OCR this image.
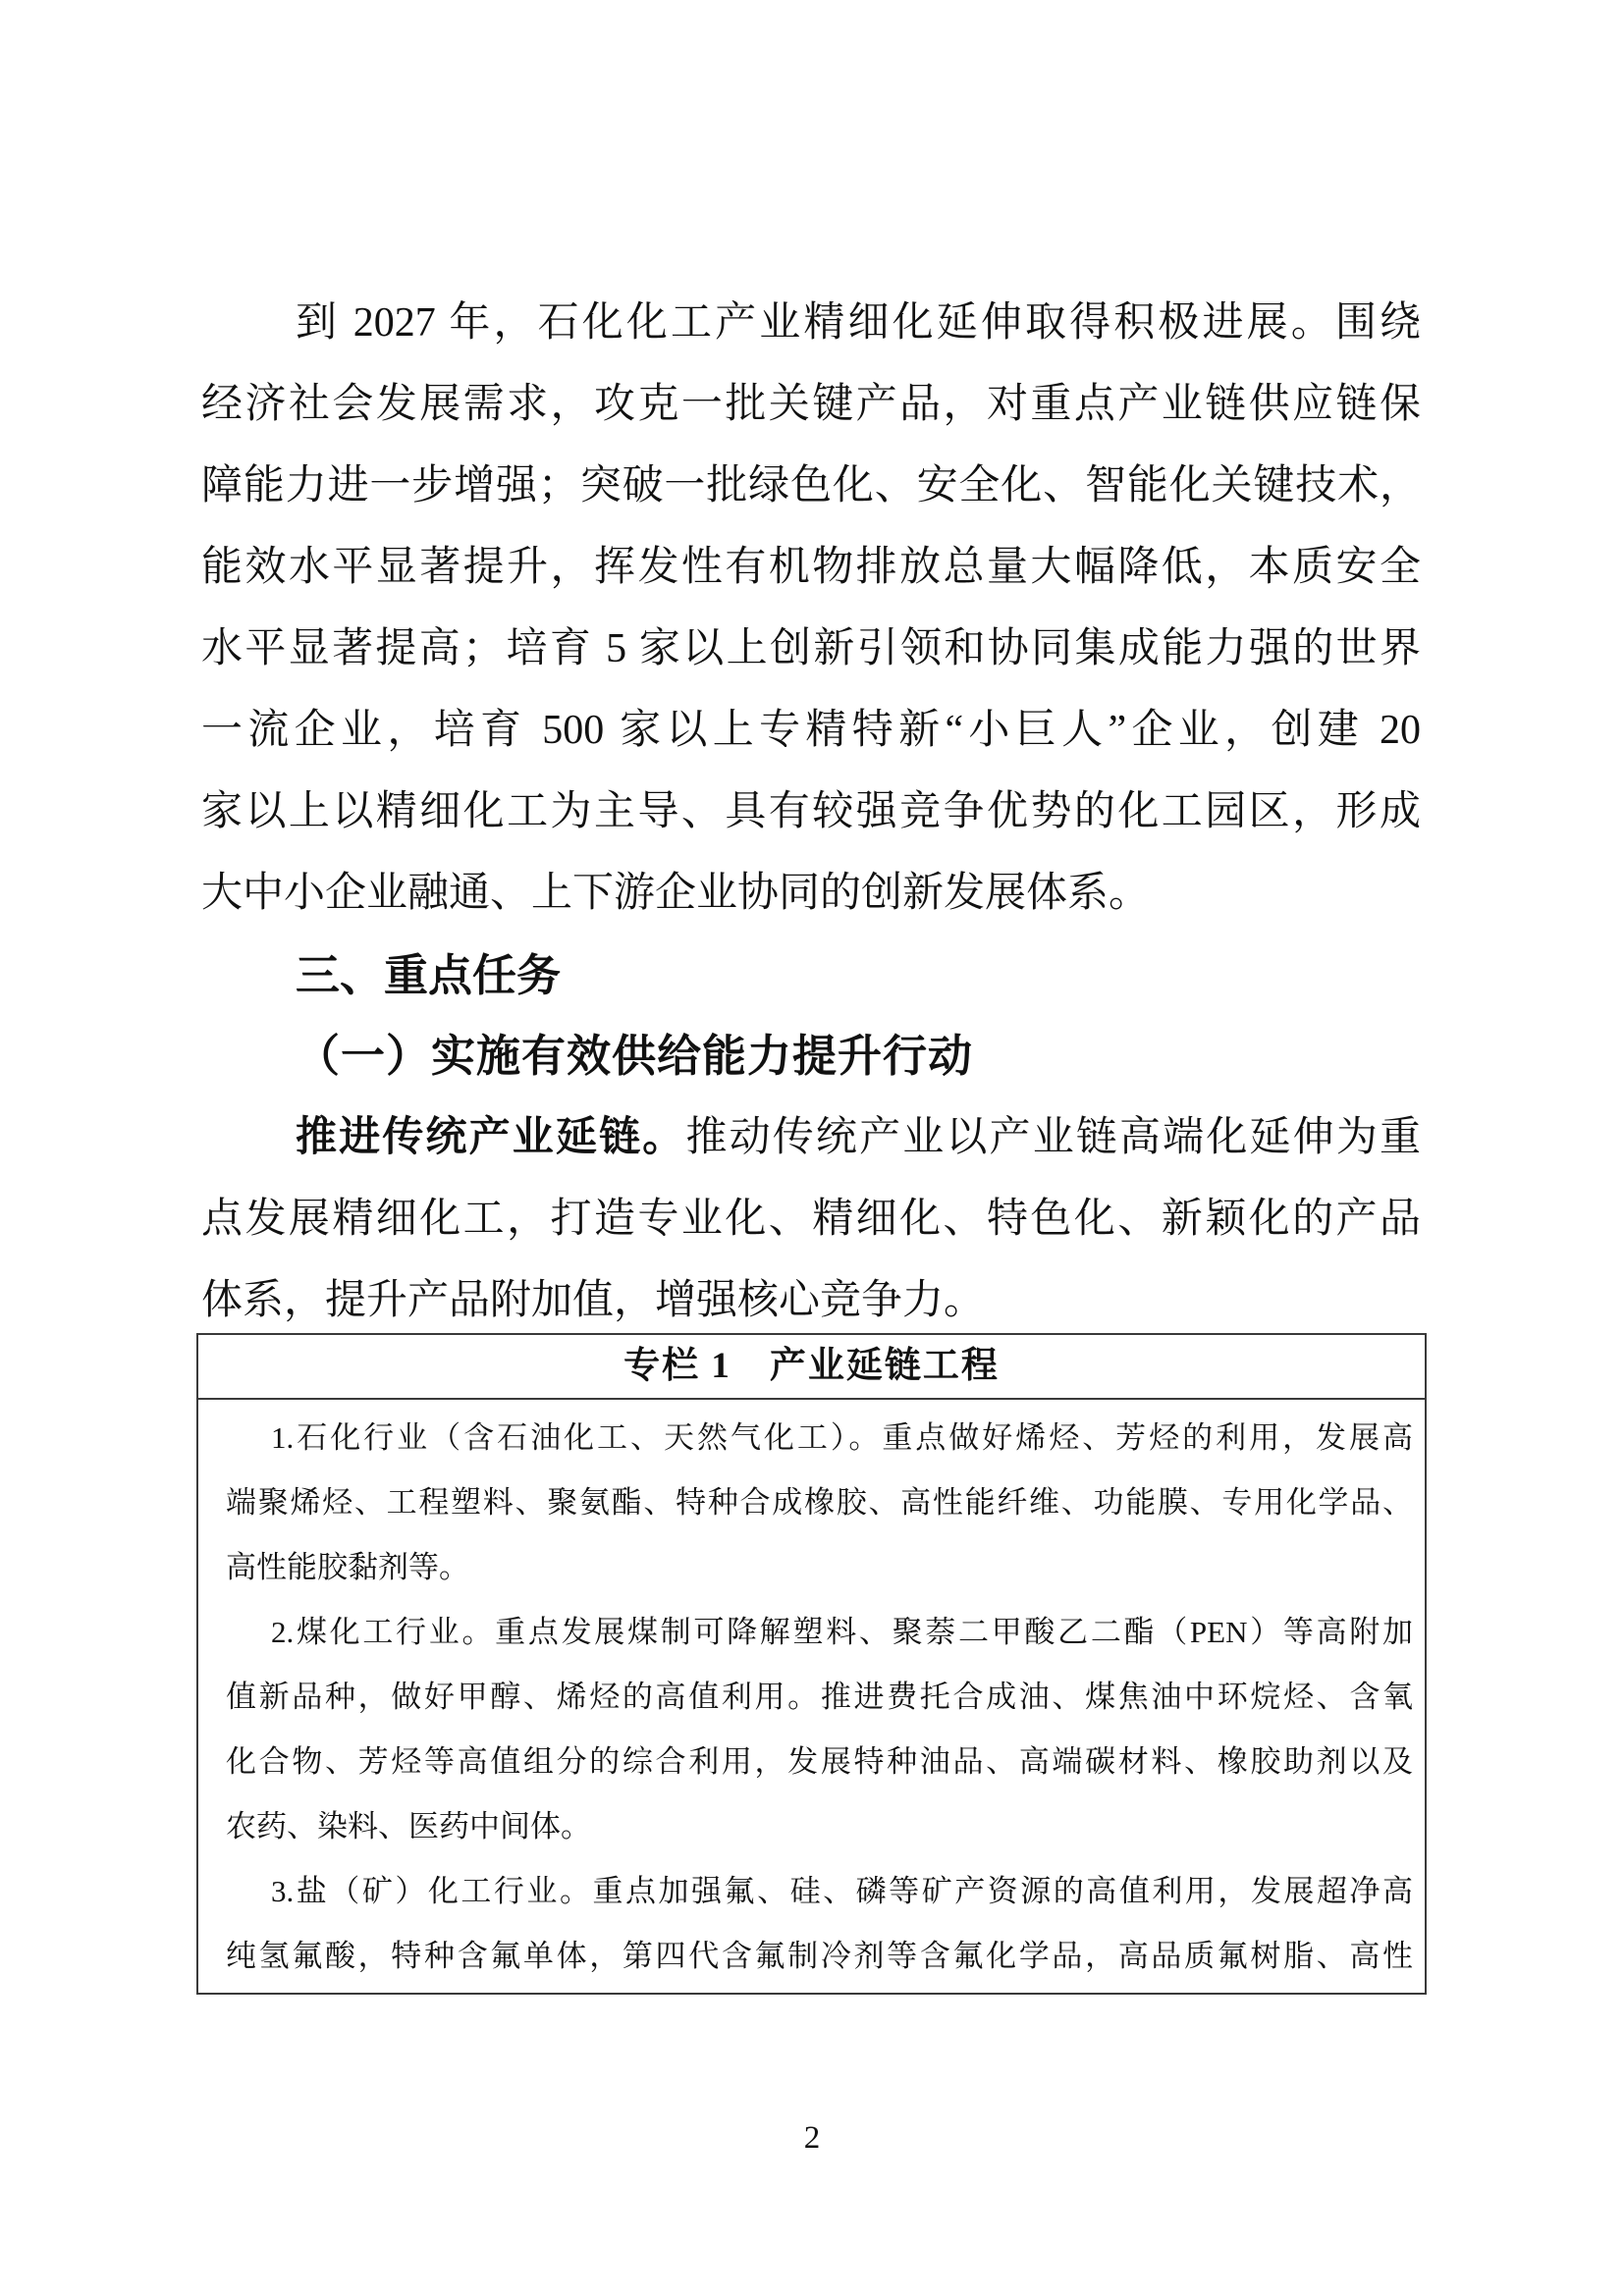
到 2027 年，石化化工产业精细化延伸取得积极进展。围绕
经济社会发展需求，攻克一批关键产品，对重点产业链供应链保
障能力进一步增强；突破一批绿色化、安全化、智能化关键技术，
能效水平显著提升，挥发性有机物排放总量大幅降低，本质安全
水平显著提高；培育 5 家以上创新引领和协同集成能力强的世界
一流企业，培育 500 家以上专精特新“小巨人”企业，创建 20
家以上以精细化工为主导、具有较强竞争优势的化工园区，形成
大中小企业融通、上下游企业协同的创新发展体系。
三、重点任务
（一）实施有效供给能力提升行动
推进传统产业延链。推动传统产业以产业链高端化延伸为重
点发展精细化工，打造专业化、精细化、特色化、新颖化的产品
体系，提升产品附加值，增强核心竞争力。
专栏 1　产业延链工程
1.石化行业（含石油化工、天然气化工）。重点做好烯烃、芳烃的利用，发展高
端聚烯烃、工程塑料、聚氨酯、特种合成橡胶、高性能纤维、功能膜、专用化学品、
高性能胶黏剂等。
2.煤化工行业。重点发展煤制可降解塑料、聚萘二甲酸乙二酯（PEN）等高附加
值新品种，做好甲醇、烯烃的高值利用。推进费托合成油、煤焦油中环烷烃、含氧
化合物、芳烃等高值组分的综合利用，发展特种油品、高端碳材料、橡胶助剂以及
农药、染料、医药中间体。
3.盐（矿）化工行业。重点加强氟、硅、磷等矿产资源的高值利用，发展超净高
纯氢氟酸，特种含氟单体，第四代含氟制冷剂等含氟化学品，高品质氟树脂、高性
2
